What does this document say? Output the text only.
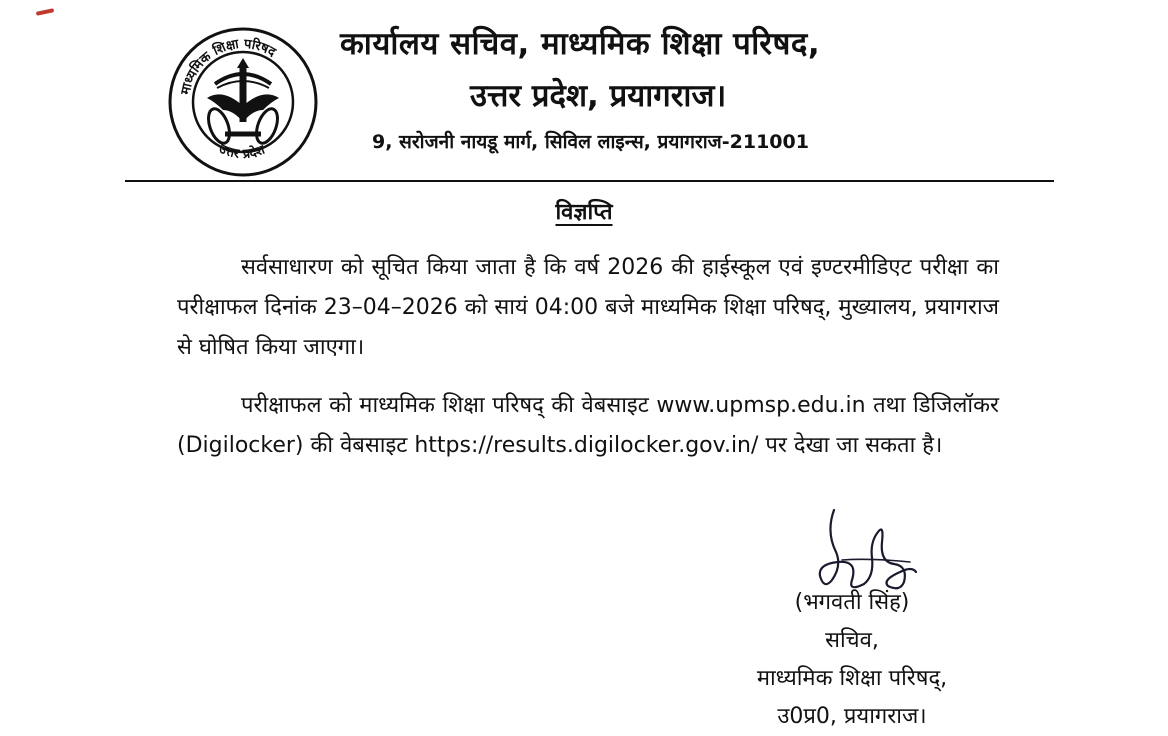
माध्यमिक शिक्षा परिषद
उत्तर प्रदेश
कार्यालय सचिव, माध्यमिक शिक्षा परिषद,
उत्तर प्रदेश, प्रयागराज।
9, सरोजनी नायडू मार्ग, सिविल लाइन्स, प्रयागराज-211001
विज्ञप्ति
सर्वसाधारण को सूचित किया जाता है कि वर्ष 2026 की हाईस्कूल एवं इण्टरमीडिएट परीक्षा का परीक्षाफल दिनांक 23–04–2026 को सायं 04:00 बजे माध्यमिक शिक्षा परिषद्, मुख्यालय, प्रयागराज से घोषित किया जाएगा।
परीक्षाफल को माध्यमिक शिक्षा परिषद् की वेबसाइट www.upmsp.edu.in तथा डिजिलॉकर (Digilocker) की वेबसाइट https://results.digilocker.gov.in/ पर देखा जा सकता है।
(भगवती सिंह)
सचिव,
माध्यमिक शिक्षा परिषद्,
उ0प्र0, प्रयागराज।
